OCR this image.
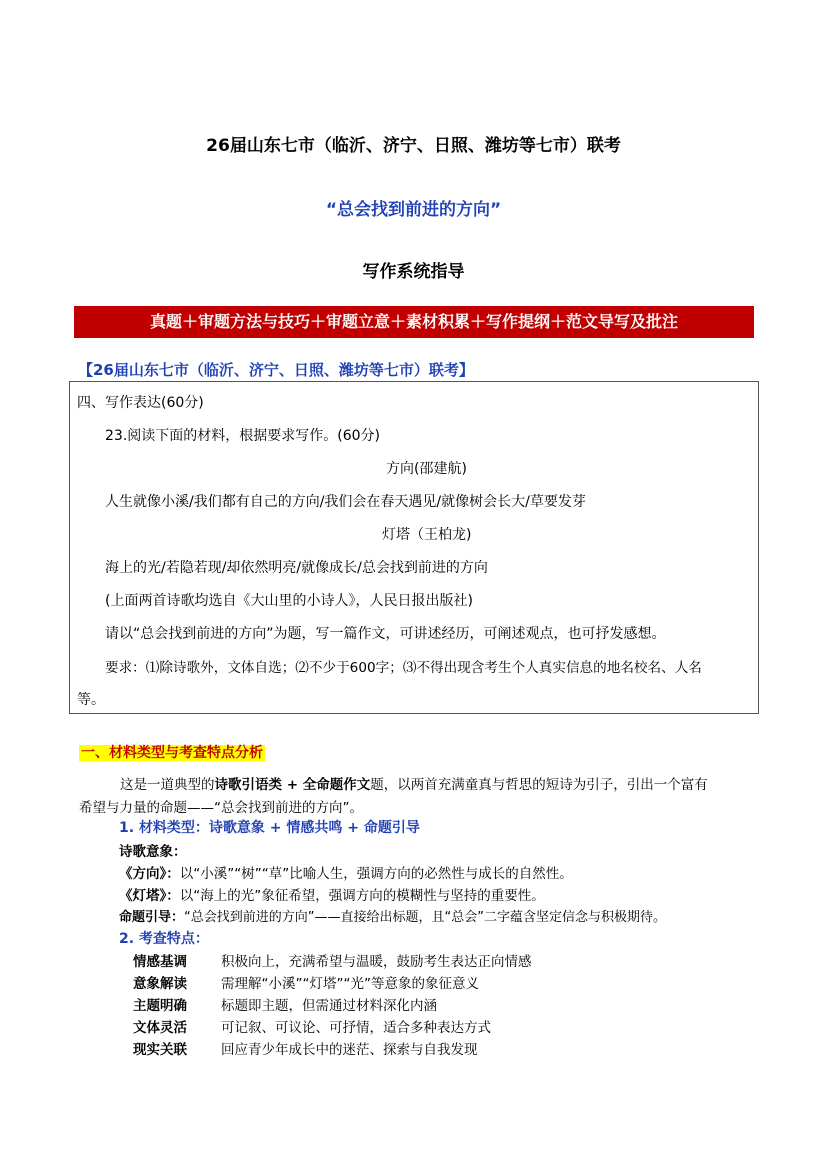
26届山东七市（临沂、济宁、日照、潍坊等七市）联考
“总会找到前进的方向”
写作系统指导
真题＋审题方法与技巧＋审题立意＋素材积累＋写作提纲＋范文导写及批注
【26届山东七市（临沂、济宁、日照、潍坊等七市）联考】
四、写作表达(60分)
23.阅读下面的材料，根据要求写作。(60分)
方向(邵建航)
人生就像小溪/我们都有自己的方向/我们会在春天遇见/就像树会长大/草要发芽
灯塔（王柏龙)
海上的光/若隐若现/却依然明亮/就像成长/总会找到前进的方向
(上面两首诗歌均选自《大山里的小诗人》，人民日报出版社)
请以“总会找到前进的方向”为题，写一篇作文，可讲述经历，可阐述观点，也可抒发感想。
要求：⑴除诗歌外，文体自选；⑵不少于600字；⑶不得出现含考生个人真实信息的地名校名、人名
等。
一、材料类型与考查特点分析
这是一道典型的诗歌引语类 + 全命题作文题，以两首充满童真与哲思的短诗为引子，引出一个富有
希望与力量的命题——“总会找到前进的方向”。
1. 材料类型：诗歌意象 + 情感共鸣 + 命题引导
诗歌意象：
《方向》：以“小溪”“树”“草”比喻人生，强调方向的必然性与成长的自然性。
《灯塔》：以“海上的光”象征希望，强调方向的模糊性与坚持的重要性。
命题引导：“总会找到前进的方向”——直接给出标题，且“总会”二字蕴含坚定信念与积极期待。
2. 考查特点：
情感基调	积极向上，充满希望与温暖，鼓励考生表达正向情感
意象解读	需理解“小溪”“灯塔”“光”等意象的象征意义
主题明确	标题即主题，但需通过材料深化内涵
文体灵活	可记叙、可议论、可抒情，适合多种表达方式
现实关联	回应青少年成长中的迷茫、探索与自我发现
